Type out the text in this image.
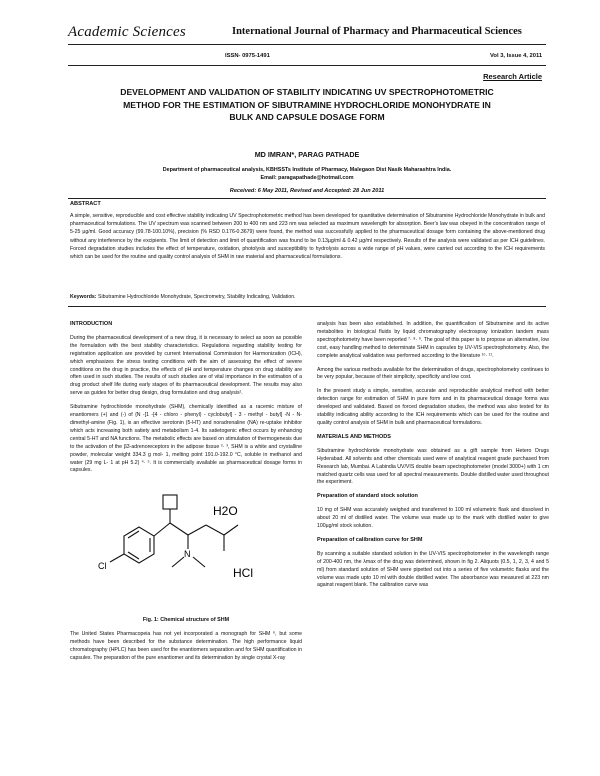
Academic Sciences	International Journal of Pharmacy and Pharmaceutical Sciences
ISSN- 0975-1491	Vol 3, Issue 4, 2011
Research Article
DEVELOPMENT AND VALIDATION OF STABILITY INDICATING UV SPECTROPHOTOMETRIC
METHOD FOR THE ESTIMATION OF SIBUTRAMINE HYDROCHLORIDE MONOHYDRATE IN
BULK AND CAPSULE DOSAGE FORM
MD IMRAN*, PARAG PATHADE
Department of pharmaceutical analysis, KBHSSTs Institute of Pharmacy, Malegaon Dist Nasik Maharashtra India.
Email: paragapathade@hotmail.com
Received: 6 May 2011, Revised and Accepted: 28 Jun 2011
ABSTRACT
A simple, sensitive, reproducible and cost effective stability indicating UV Spectrophotometric method has been developed for quantitative determination of Sibutramine Hydrochloride Monohydrate in bulk and pharmaceutical formulations. The UV spectrum was scanned between 200 to 400 nm and 223 nm was selected as maximum wavelength for absorption. Beer's law was obeyed in the concentration range of 5-25 µg/ml. Good accuracy (99.78-100.10%), precision (% RSD 0.176-0.3679) were found, the method was successfully applied to the pharmaceutical dosage form containing the above-mentioned drug without any interference by the excipients. The limit of detection and limit of quantification was found to be 0.13µg/ml & 0.42 µg/ml respectively. Results of the analysis were validated as per ICH guidelines. Forced degradation studies includes the effect of temperature, oxidation, photolysis and susceptibility to hydrolysis across a wide range of pH values, were carried out according to the ICH requirements which can be used for the routine and quality control analysis of SHM in raw material and pharmaceutical formulations.
Keywords: Sibutramine Hydrochloride Monohydrate, Spectrometry, Stability Indicating, Validation.
INTRODUCTION

During the pharmaceutical development of a new drug, it is necessary to select as soon as possible the formulation with the best stability characteristics. Regulations regarding stability testing for registration application are provided by current International Commission for Harmonization (ICH), which emphasizes the stress testing conditions with the aim of assessing the effect of severe conditions on the drug in practice, the effects of pH and temperature changes on drug stability are often used in such studies. The results of such studies are of vital importance in the estimation of a drug product shelf life during early stages of its pharmaceutical development. The results may also serve as guides for better drug design, drug formulation and drug analysis¹.

Sibutramine hydrochloride monohydrate (SHM), chemically identified as a racemic mixture of enantiomers (+) and (-) of {N -[1 -[4 - chloro - phenyl) - cyclobutyl] - 3 - methyl - butyl] -N - N-dimethyl-amine (Fig. 1), is an effective serotonin (5-HT) and noradrenaline (NA) re-uptake inhibitor which acts increasing both satiety and metabolism 1-4. Its satietogenic effect occurs by enhancing central 5-HT and NA functions. The metabolic effects are based on stimulation of thermogenesis due to the activation of the β3-adrenoreceptors in the adipose tissue ²· ³, SHM is a white and crystalline powder, molecular weight 334.3 g mol- 1, melting point 191.0-192.0 °C, soluble in methanol and water (29 mg L- 1 at pH 5.2) ⁴· ⁵. It is commercially available as pharmaceutical dosage forms in capsules.

H2O
N
Cl	HCl
Fig. 1: Chemical structure of SHM

The United States Pharmacopeia has not yet incorporated a monograph for SHM ⁶, but some methods have been described for the substance determination. The high performance liquid chromatography (HPLC) has been used for the enantiomers separation and for SHM quantification in capsules. The preparation of the pure enantiomer and its determination by single crystal X-ray

analysis has been also established. In addition, the quantification of Sibutramine and its active metabolites in biological fluids by liquid chromatography electrospray ionization tandem mass spectrophotometry have been reported ⁷· ⁸· ⁹. The goal of this paper is to propose an alternative, low cost, easy handling method to determinate SHM in capsules by UV-VIS spectrophotometry. Also, the complete analytical validation was performed according to the literature ¹⁰· ¹¹.

Among the various methods available for the determination of drugs, spectrophotometry continues to be very popular, because of their simplicity, specificity and low cost.

In the present study a simple, sensitive, accurate and reproducible analytical method with better detection range for estimation of SHM in pure form and in its pharmaceutical dosage forms was developed and validated. Based on forced degradation studies, the method was also tested for its stability indicating ability according to the ICH requirements which can be used for the routine and quality control analysis of SHM in bulk and pharmaceutical formulations.

MATERIALS AND METHODS

Sibutramine hydrochloride monohydrate was obtained as a gift sample from Hetero Drugs Hyderabad. All solvents and other chemicals used were of analytical reagent grade purchased from Research lab, Mumbai. A Labindia UV/VIS double beam spectrophotometer (model 3000+) with 1 cm matched quartz cells was used for all spectral measurements. Double distilled water used throughout the experiment.

Preparation of standard stock solution

10 mg of SHM was accurately weighed and transferred to 100 ml volumetric flask and dissolved in about 20 ml of distilled water. The volume was made up to the mark with distilled water to give 100µg/ml stock solution.

Preparation of calibration curve for SHM

By scanning a suitable standard solution in the UV-VIS spectrophotometer in the wavelength range of 200-400 nm, the λmax of the drug was determined, shown in fig 2. Aliquots (0.5, 1, 2, 3, 4 and 5 ml) from standard solution of SHM were pipetted out into a series of five volumetric flasks and the volume was made upto 10 ml with double distilled water. The absorbance was measured at 223 nm against reagent blank. The calibration curve was
